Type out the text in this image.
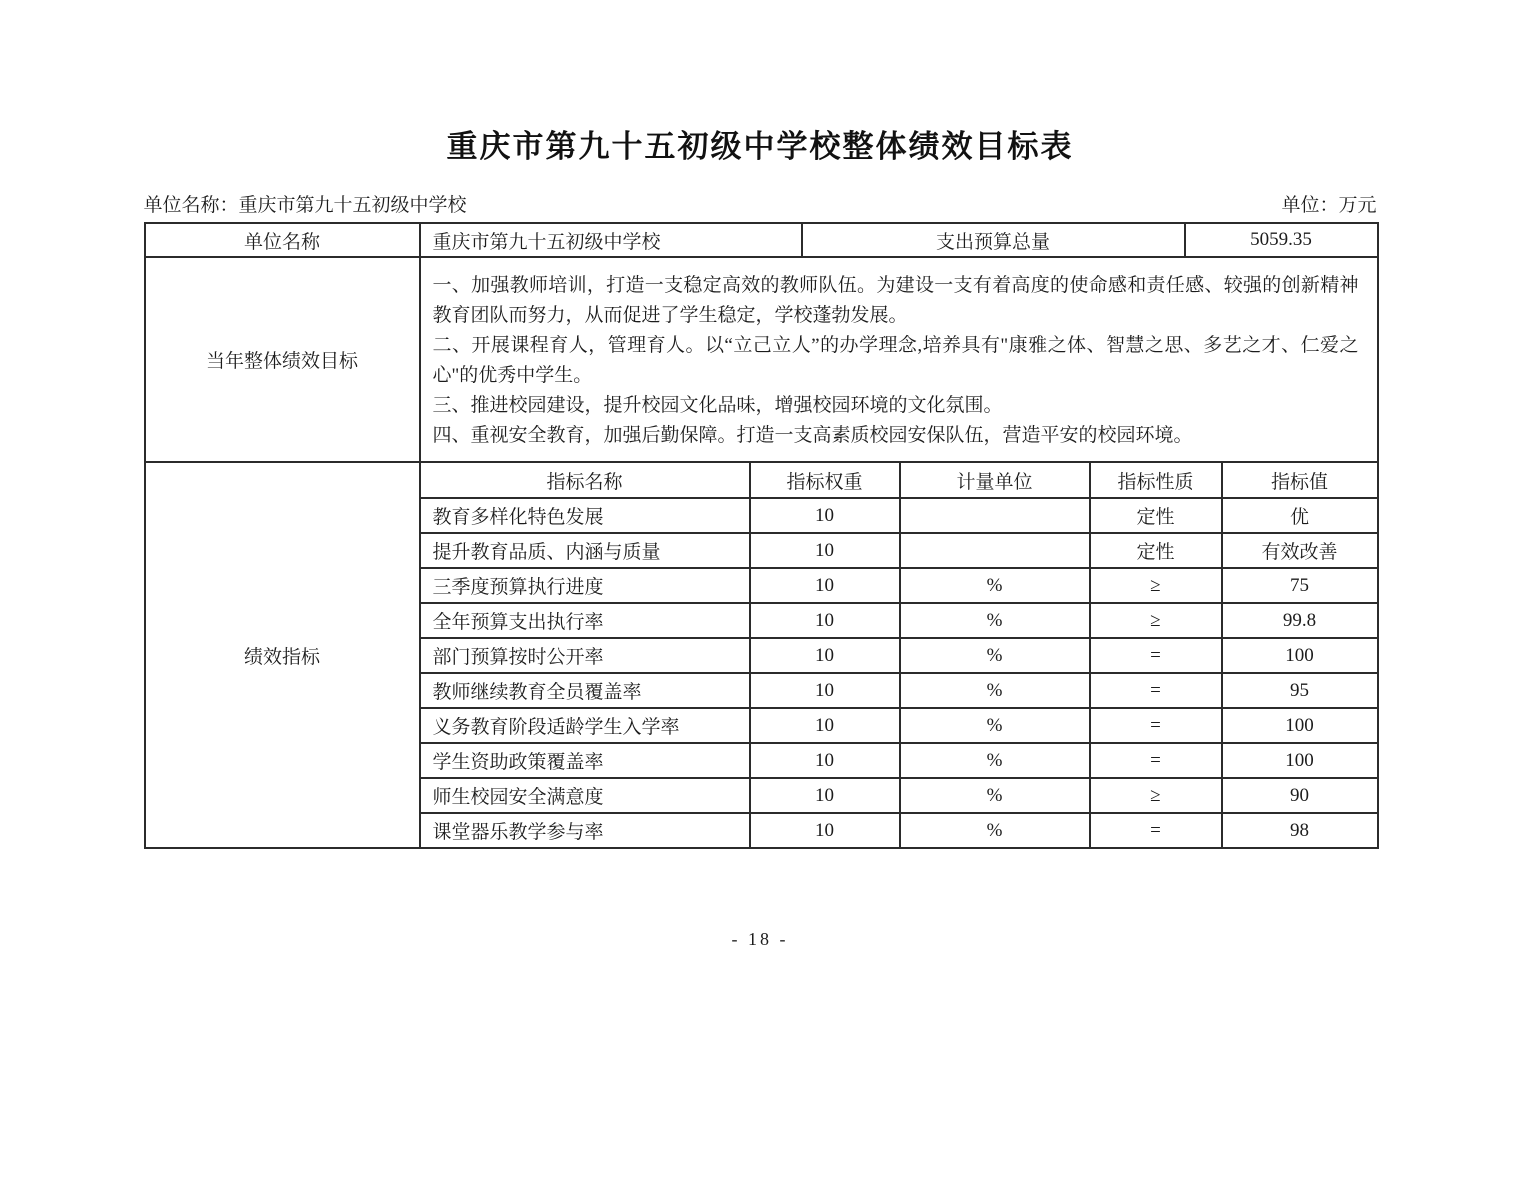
重庆市第九十五初级中学校整体绩效目标表
单位名称：重庆市第九十五初级中学校	单位：万元
单位名称	重庆市第九十五初级中学校	支出预算总量	5059.35
当年整体绩效目标	

一、加强教师培训，打造一支稳定高效的教师队伍。为建设一支有着高度的使命感和责任感、较强的创新精神教育团队而努力，从而促进了学生稳定，学校蓬勃发展。

二、开展课程育人，管理育人。以“立己立人”的办学理念,培养具有"康雅之体、智慧之思、多艺之才、仁爱之心"的优秀中学生。

三、推进校园建设，提升校园文化品味，增强校园环境的文化氛围。

四、重视安全教育，加强后勤保障。打造一支高素质校园安保队伍，营造平安的校园环境。

绩效指标	指标名称	指标权重	计量单位	指标性质	指标值
	教育多样化特色发展	10		定性	优
	提升教育品质、内涵与质量	10		定性	有效改善
	三季度预算执行进度	10	%	≥	75
	全年预算支出执行率	10	%	≥	99.8
	部门预算按时公开率	10	%	=	100
	教师继续教育全员覆盖率	10	%	=	95
	义务教育阶段适龄学生入学率	10	%	=	100
	学生资助政策覆盖率	10	%	=	100
	师生校园安全满意度	10	%	≥	90
	课堂器乐教学参与率	10	%	=	98
- 18 -
